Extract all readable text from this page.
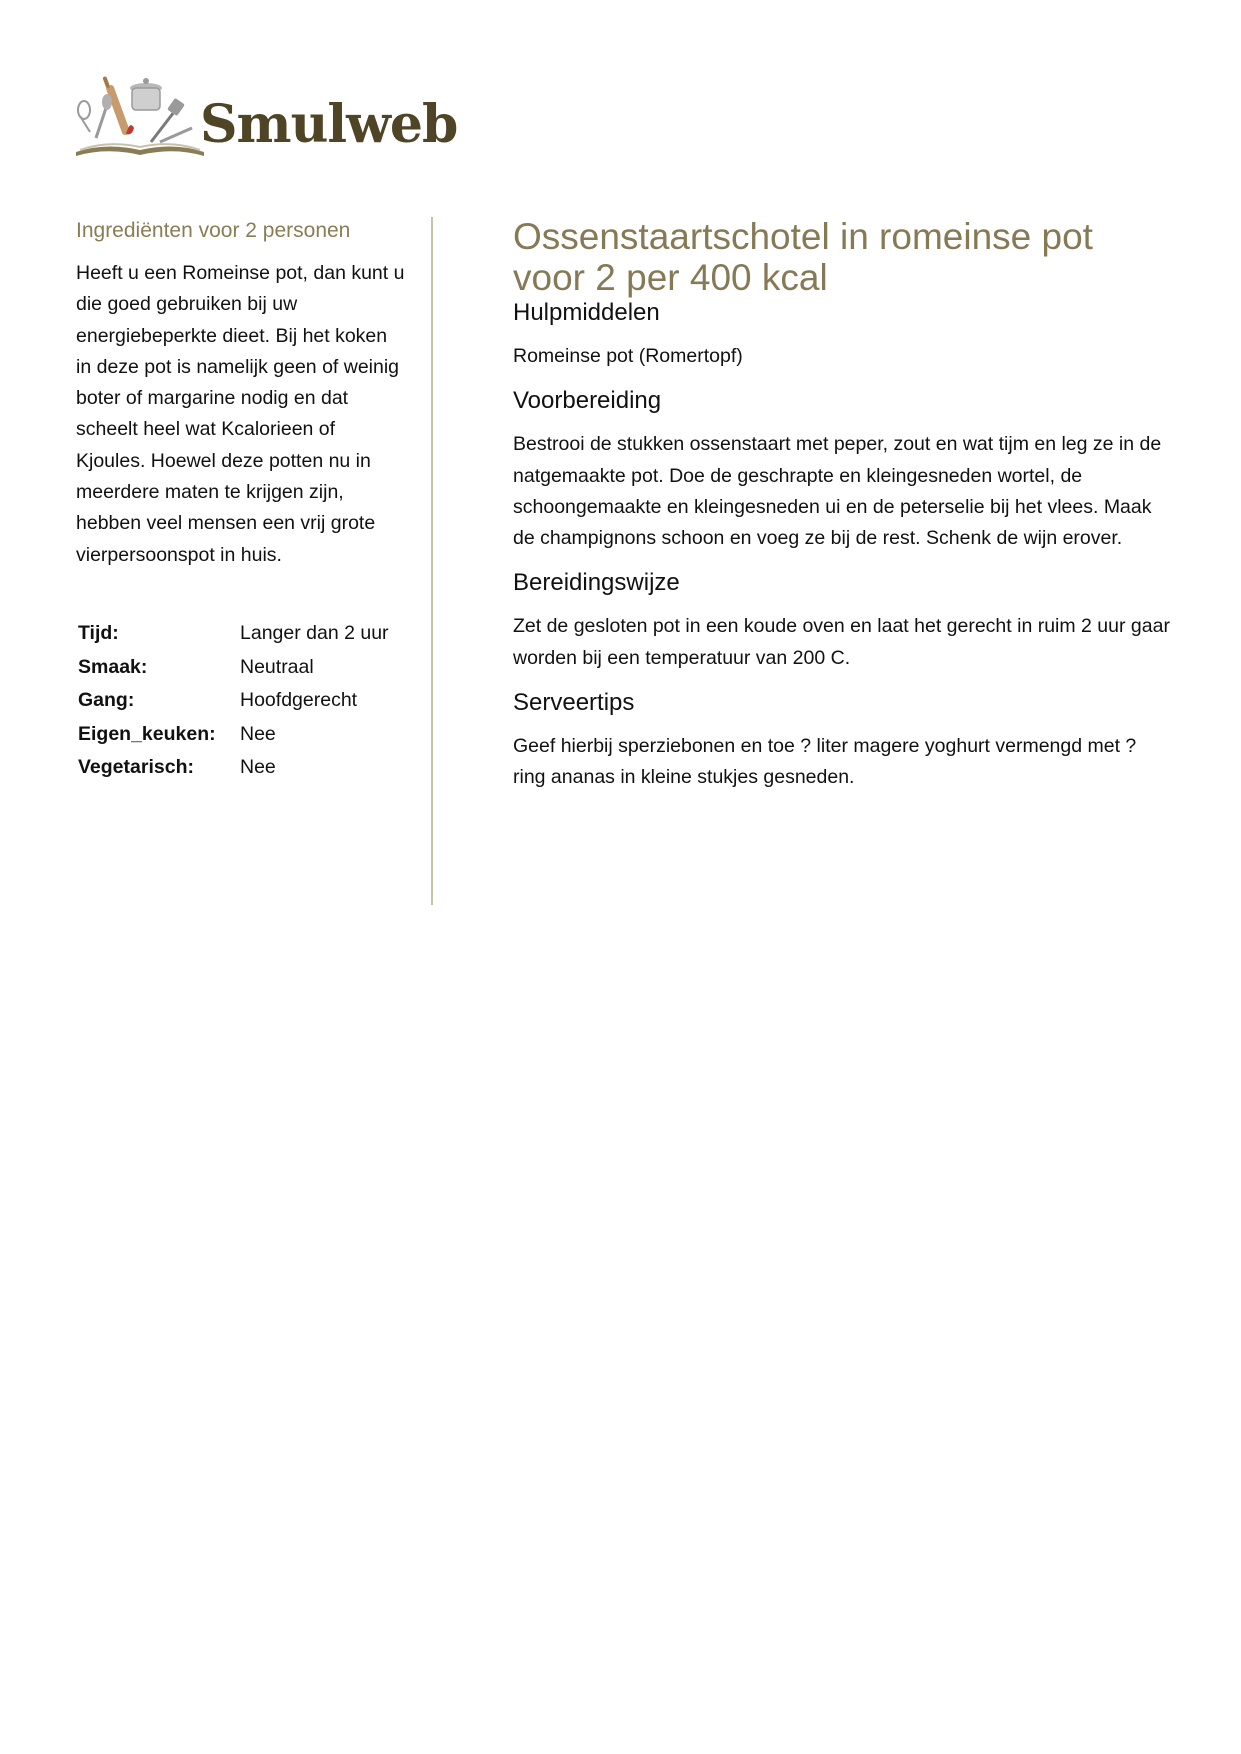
Smulweb
Ingrediënten voor 2 personen

Heeft u een Romeinse pot, dan kunt u die goed gebruiken bij uw energiebeperkte dieet. Bij het koken in deze pot is namelijk geen of weinig boter of margarine nodig en dat scheelt heel wat Kcalorieen of Kjoules. Hoewel deze potten nu in meerdere maten te krijgen zijn, hebben veel mensen een vrij grote vierpersoonspot in huis.

Tijd:	Langer dan 2 uur
Smaak:	Neutraal
Gang:	Hoofdgerecht
Eigen_keuken:	Nee
Vegetarisch:	Nee
Ossenstaartschotel in romeinse pot voor 2 per 400 kcal
Hulpmiddelen

Romeinse pot (Romertopf)

Voorbereiding

Bestrooi de stukken ossenstaart met peper, zout en wat tijm en leg ze in de natgemaakte pot. Doe de geschrapte en kleingesneden wortel, de schoongemaakte en kleingesneden ui en de peterselie bij het vlees. Maak de champignons schoon en voeg ze bij de rest. Schenk de wijn erover.

Bereidingswijze

Zet de gesloten pot in een koude oven en laat het gerecht in ruim 2 uur gaar worden bij een temperatuur van 200 C.

Serveertips

Geef hierbij sperziebonen en toe ? liter magere yoghurt vermengd met ? ring ananas in kleine stukjes gesneden.
